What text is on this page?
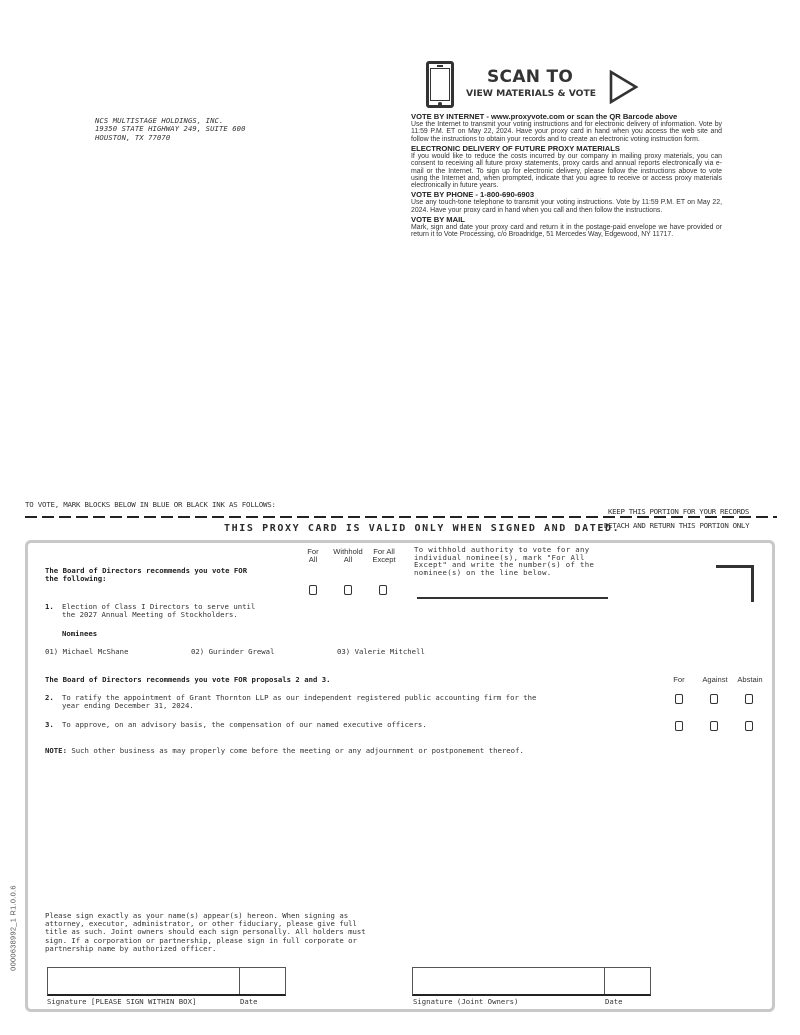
NCS MULTISTAGE HOLDINGS, INC.
19350 STATE HIGHWAY 249, SUITE 600
HOUSTON, TX 77070
SCAN TO
VIEW MATERIALS & VOTE
VOTE BY INTERNET - www.proxyvote.com or scan the QR Barcode above
Use the Internet to transmit your voting instructions and for electronic delivery of information. Vote by 11:59 P.M. ET on May 22, 2024. Have your proxy card in hand when you access the web site and follow the instructions to obtain your records and to create an electronic voting instruction form.
ELECTRONIC DELIVERY OF FUTURE PROXY MATERIALS
If you would like to reduce the costs incurred by our company in mailing proxy materials, you can consent to receiving all future proxy statements, proxy cards and annual reports electronically via e-mail or the Internet. To sign up for electronic delivery, please follow the instructions above to vote using the Internet and, when prompted, indicate that you agree to receive or access proxy materials electronically in future years.
VOTE BY PHONE - 1-800-690-6903
Use any touch-tone telephone to transmit your voting instructions. Vote by 11:59 P.M. ET on May 22, 2024. Have your proxy card in hand when you call and then follow the instructions.
VOTE BY MAIL
Mark, sign and date your proxy card and return it in the postage-paid envelope we have provided or return it to Vote Processing, c/o Broadridge, 51 Mercedes Way, Edgewood, NY 11717.
TO VOTE, MARK BLOCKS BELOW IN BLUE OR BLACK INK AS FOLLOWS:
KEEP THIS PORTION FOR YOUR RECORDS
DETACH AND RETURN THIS PORTION ONLY
THIS PROXY CARD IS VALID ONLY WHEN SIGNED AND DATED.
0000638992_1 R1.0.0.6
The Board of Directors recommends you vote FOR
the following:
For
All
Withhold
All
For All
Except
To withhold authority to vote for any
individual nominee(s), mark "For All
Except" and write the number(s) of the
nominee(s) on the line below.
1. Election of Class I Directors to serve until
the 2027 Annual Meeting of Stockholders.
Nominees
01) Michael McShane	02) Gurinder Grewal	03) Valerie Mitchell
The Board of Directors recommends you vote FOR proposals 2 and 3.	For	Against	Abstain
2. To ratify the appointment of Grant Thornton LLP as our independent registered public accounting firm for the
year ending December 31, 2024.
3. To approve, on an advisory basis, the compensation of our named executive officers.
NOTE: Such other business as may properly come before the meeting or any adjournment or postponement thereof.
Please sign exactly as your name(s) appear(s) hereon. When signing as
attorney, executor, administrator, or other fiduciary, please give full
title as such. Joint owners should each sign personally. All holders must
sign. If a corporation or partnership, please sign in full corporate or
partnership name by authorized officer.
Signature [PLEASE SIGN WITHIN BOX]	Date	Signature (Joint Owners)	Date
